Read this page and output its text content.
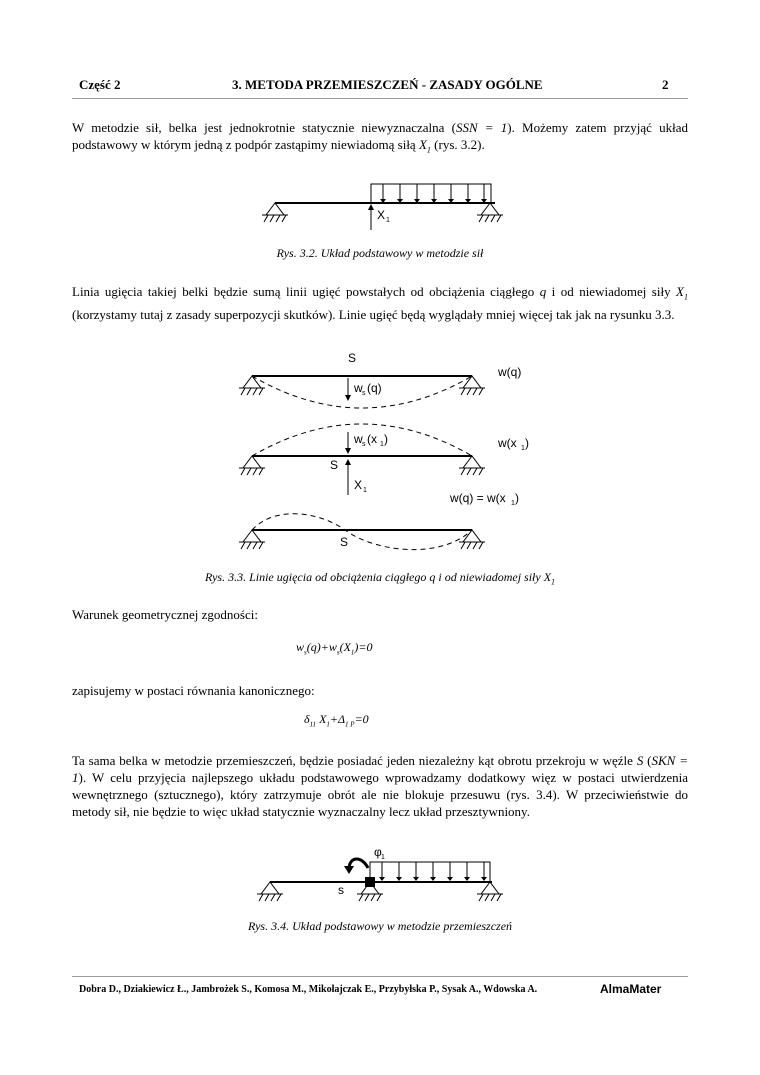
Część 2	3. METODA PRZEMIESZCZEŃ - ZASADY OGÓLNE	2
W metodzie sił, belka jest jednokrotnie statycznie niewyznaczalna (SSN = 1). Możemy zatem przyjąć układ podstawowy w którym jedną z podpór zastąpimy niewiadomą siłą $X_1$ (rys. 3.2).
X 1
Rys. 3.2. Układ podstawowy w metodzie sił
Linia ugięcia takiej belki będzie sumą linii ugięć powstałych od obciążenia ciągłego q i od niewiadomej siły $X_1$ (korzystamy tutaj z zasady superpozycji skutków). Linie ugięć będą wyglądały mniej więcej tak jak na rysunku 3.3.
S
w s (q)
w(q)
w s (x 1 )	w(x 1 )
S
X 1
w(q) = w(x 1 )
S
Rys. 3.3. Linie ugięcia od obciążenia ciągłego q i od niewiadomej siły $X_1$
Warunek geometrycznej zgodności:
$w_s(q)+w_s(X_1)=0$
zapisujemy w postaci równania kanonicznego:
$\delta_{11}$ $X_1+\Delta_{1 P}=0$
Ta sama belka w metodzie przemieszczeń, będzie posiadać jeden niezależny kąt obrotu przekroju w węźle S (SKN = 1). W celu przyjęcia najlepszego układu podstawowego wprowadzamy dodatkowy więz w postaci utwierdzenia wewnętrznego (sztucznego), który zatrzymuje obrót ale nie blokuje przesuwu (rys. 3.4). W przeciwieństwie do metody sił, nie będzie to więc układ statycznie wyznaczalny lecz układ przesztywniony.
φ 1
s
Rys. 3.4. Układ podstawowy w metodzie przemieszczeń
Dobra D., Dziakiewicz Ł., Jambrożek S., Komosa M., Mikołajczak E., Przybyłska P., Sysak A., Wdowska A.	AlmaMater
